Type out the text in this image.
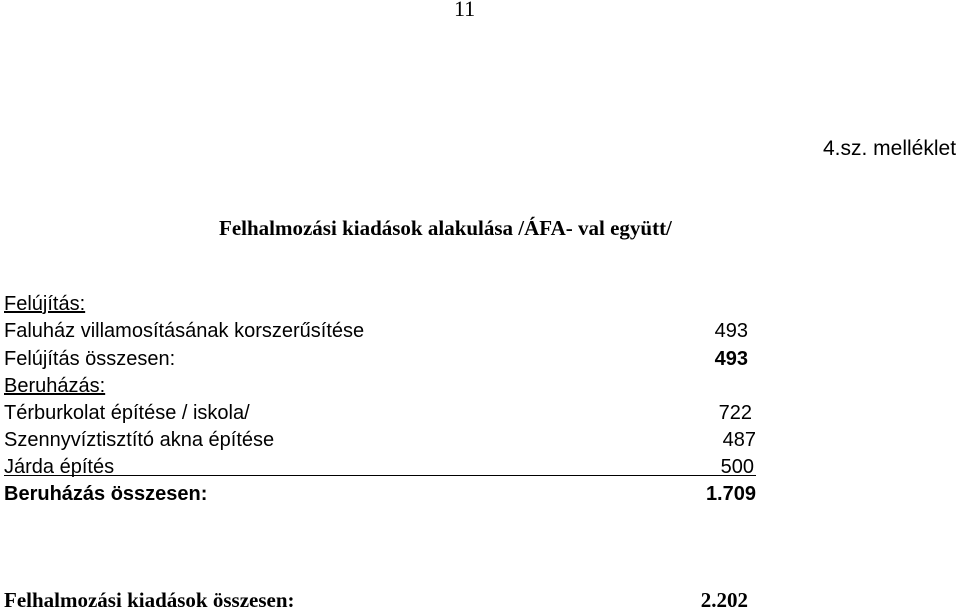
11
4.sz. melléklet
Felhalmozási kiadások alakulása /ÁFA- val együtt/
Felújítás:
Faluház villamosításának korszerűsítése	493
Felújítás összesen:	493
Beruházás:
Térburkolat építése / iskola/	722
Szennyvíztisztító akna építése	487
Járda építés	500
Beruházás összesen:	1.709
Felhalmozási kiadások összesen:	2.202
